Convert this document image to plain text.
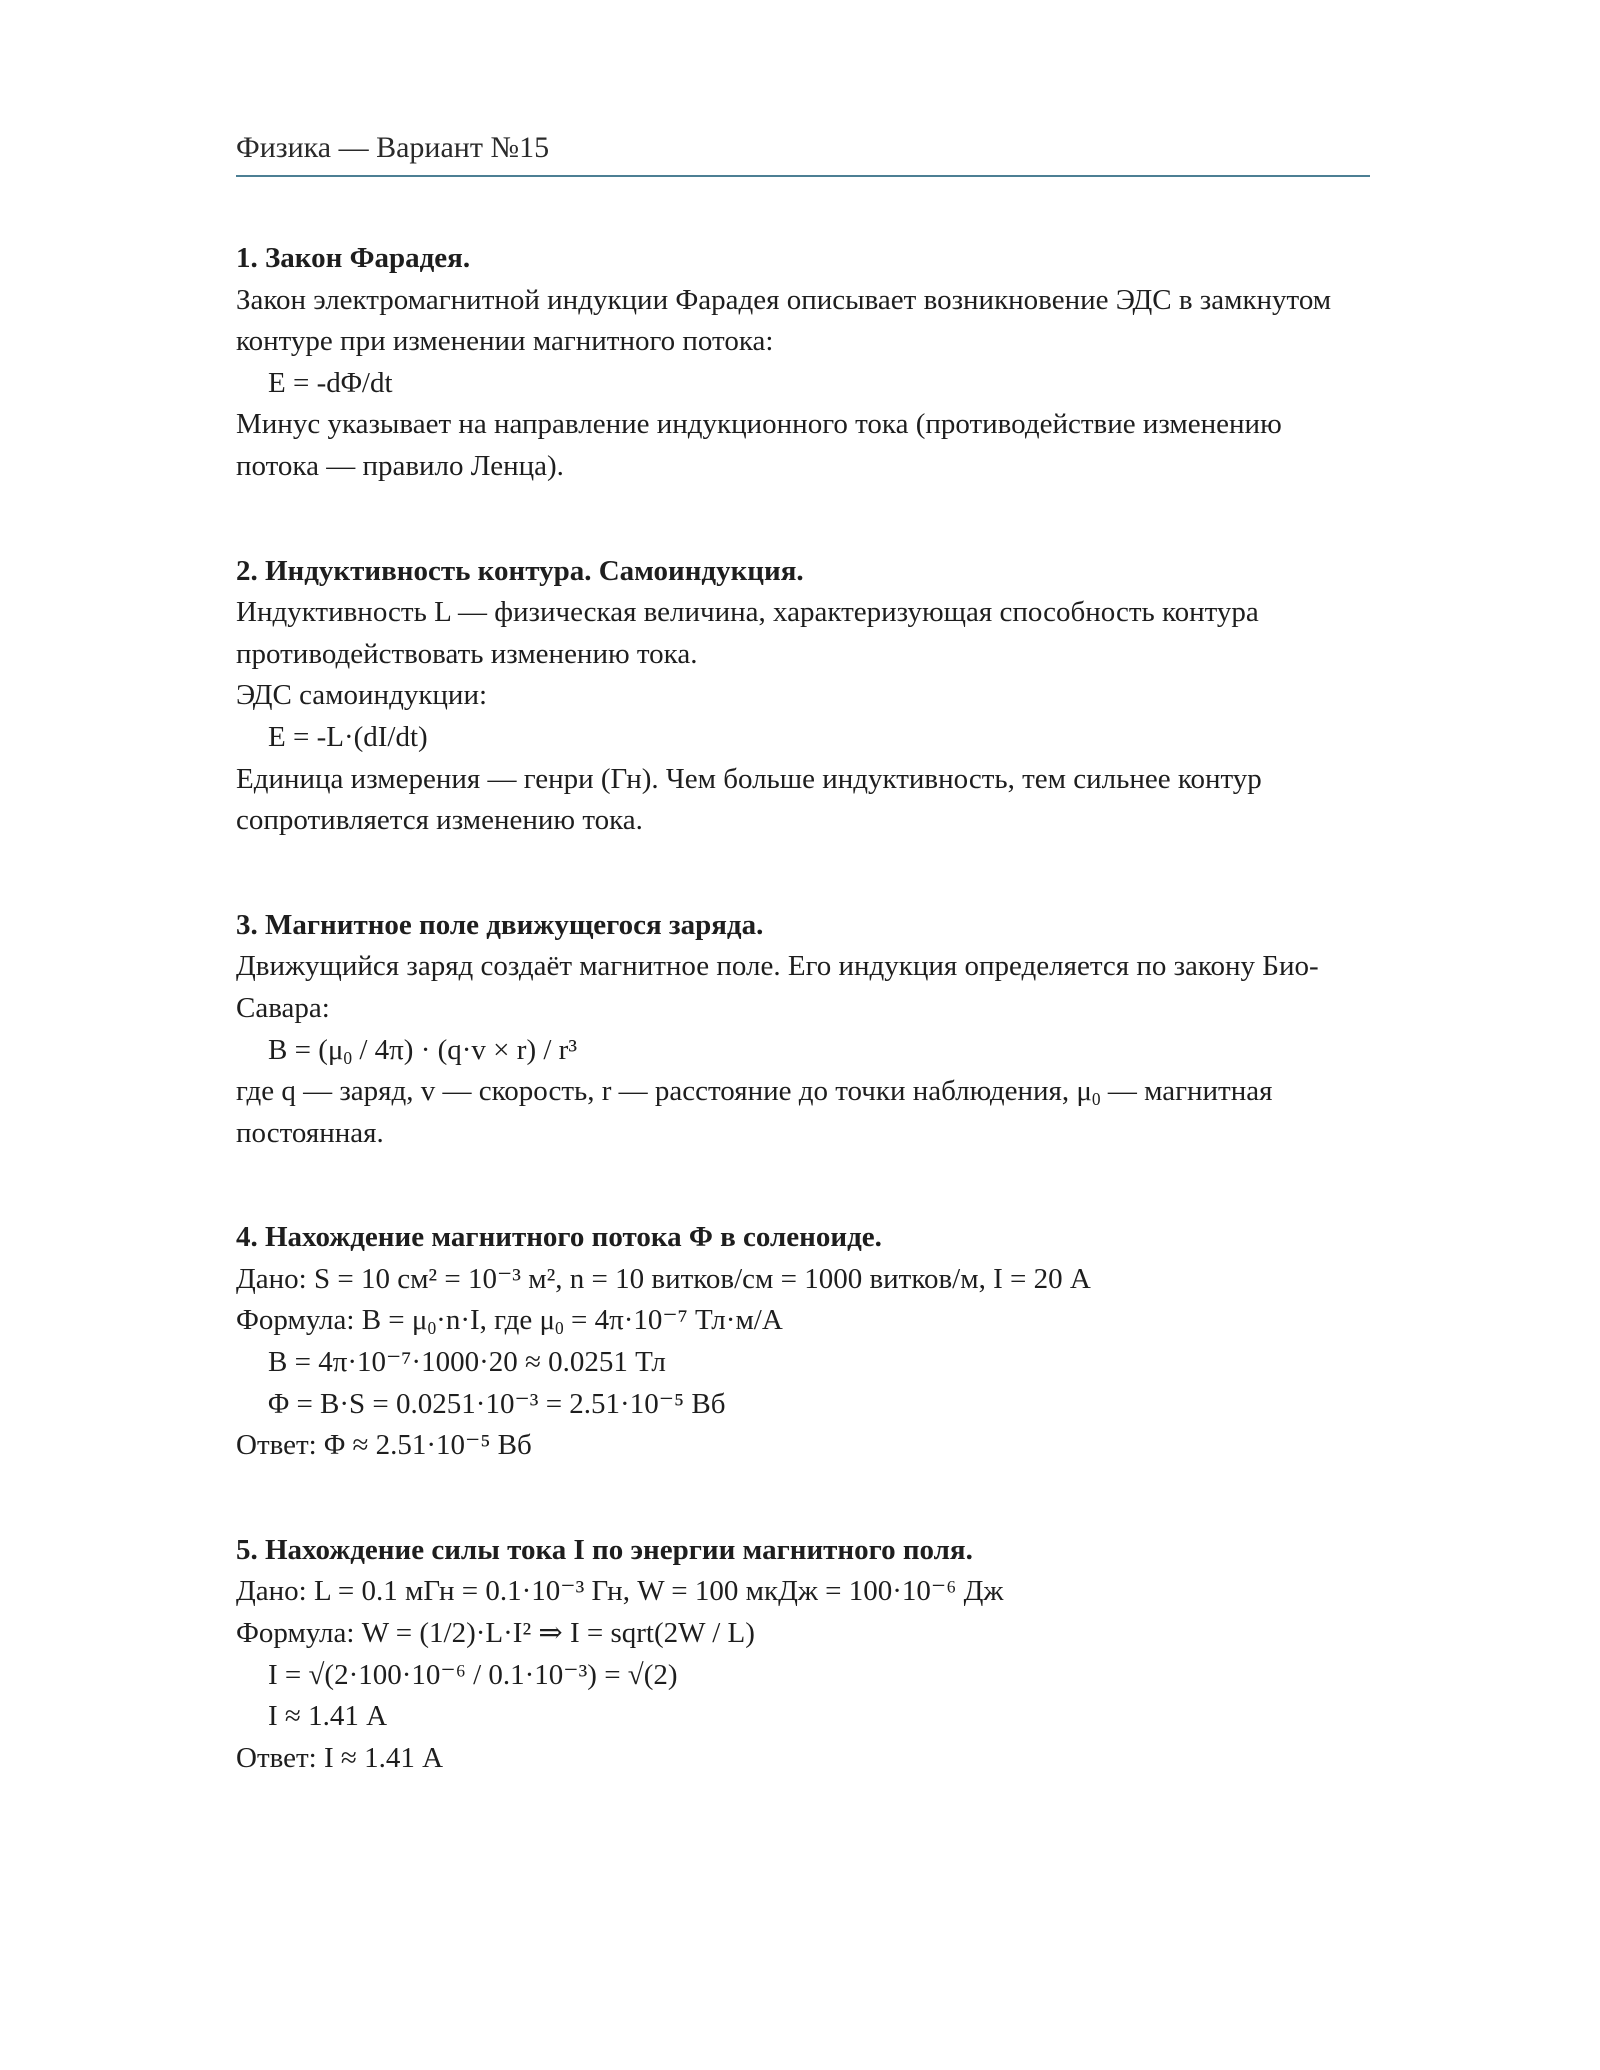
Физика — Вариант №15
1. Закон Фарадея.
Закон электромагнитной индукции Фарадея описывает возникновение ЭДС в замкнутом контуре при изменении магнитного потока:
E = -dΦ/dt
Минус указывает на направление индукционного тока (противодействие изменению потока — правило Ленца).
2. Индуктивность контура. Самоиндукция.
Индуктивность L — физическая величина, характеризующая способность контура противодействовать изменению тока.
ЭДС самоиндукции:
E = -L·(dI/dt)
Единица измерения — генри (Гн). Чем больше индуктивность, тем сильнее контур сопротивляется изменению тока.
3. Магнитное поле движущегося заряда.
Движущийся заряд создаёт магнитное поле. Его индукция определяется по закону Био-Савара:
$B = (\mu_0 / 4\pi) \cdot (q\cdot v \times r) / r^3$
где q — заряд, v — скорость, r — расстояние до точки наблюдения, $\mu_0$ — магнитная постоянная.
4. Нахождение магнитного потока Φ в соленоиде.
Дано: S = 10 см² = 10⁻³ м², n = 10 витков/см = 1000 витков/м, I = 20 А
Формула: $B = \mu_0\cdot n\cdot I$, где $\mu_0 = 4\pi\cdot 10^{-7}$ Тл·м/А
B = 4π·10⁻⁷·1000·20 ≈ 0.0251 Тл
Φ = B·S = 0.0251·10⁻³ = 2.51·10⁻⁵ Вб
Ответ: Φ ≈ 2.51·10⁻⁵ Вб
5. Нахождение силы тока I по энергии магнитного поля.
Дано: L = 0.1 мГн = 0.1·10⁻³ Гн, W = 100 мкДж = 100·10⁻⁶ Дж
Формула: W = (1/2)·L·I² ⇒ I = sqrt(2W / L)
I = √(2·100·10⁻⁶ / 0.1·10⁻³) = √(2)
I ≈ 1.41 А
Ответ: I ≈ 1.41 А
